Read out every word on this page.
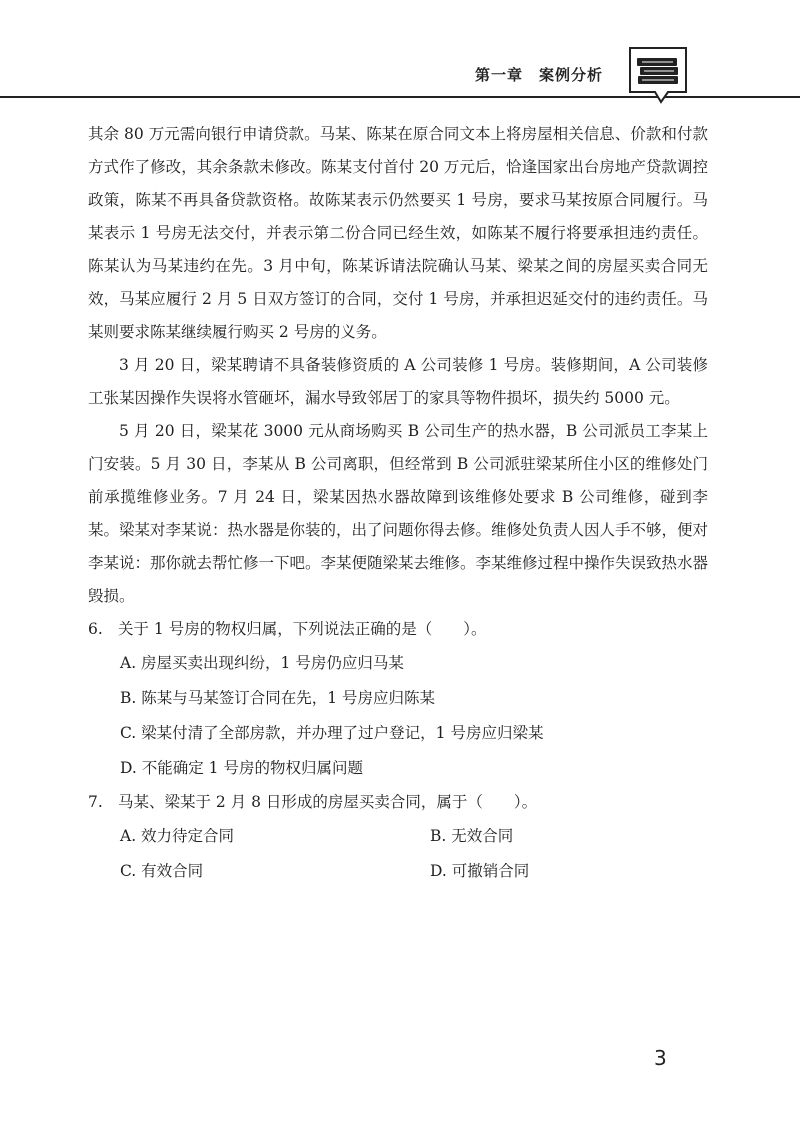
第一章　案例分析

其余 80 万元需向银行申请贷款。马某、陈某在原合同文本上将房屋相关信息、价款和付款方式作了修改，其余条款未修改。陈某支付首付 20 万元后，恰逢国家出台房地产贷款调控政策，陈某不再具备贷款资格。故陈某表示仍然要买 1 号房，要求马某按原合同履行。马某表示 1 号房无法交付，并表示第二份合同已经生效，如陈某不履行将要承担违约责任。陈某认为马某违约在先。3 月中旬，陈某诉请法院确认马某、梁某之间的房屋买卖合同无效，马某应履行 2 月 5 日双方签订的合同，交付 1 号房，并承担迟延交付的违约责任。马某则要求陈某继续履行购买 2 号房的义务。

3 月 20 日，梁某聘请不具备装修资质的 A 公司装修 1 号房。装修期间，A 公司装修工张某因操作失误将水管砸坏，漏水导致邻居丁的家具等物件损坏，损失约 5000 元。

5 月 20 日，梁某花 3000 元从商场购买 B 公司生产的热水器，B 公司派员工李某上门安装。5 月 30 日，李某从 B 公司离职，但经常到 B 公司派驻梁某所住小区的维修处门前承揽维修业务。7 月 24 日，梁某因热水器故障到该维修处要求 B 公司维修，碰到李某。梁某对李某说：热水器是你装的，出了问题你得去修。维修处负责人因人手不够，便对李某说：那你就去帮忙修一下吧。李某便随梁某去维修。李某维修过程中操作失误致热水器毁损。

6. 关于 1 号房的物权归属，下列说法正确的是（　　）。

A. 房屋买卖出现纠纷，1 号房仍应归马某
B. 陈某与马某签订合同在先，1 号房应归陈某
C. 梁某付清了全部房款，并办理了过户登记，1 号房应归梁某
D. 不能确定 1 号房的物权归属问题

7. 马某、梁某于 2 月 8 日形成的房屋买卖合同，属于（　　）。

A. 效力待定合同	B. 无效合同
C. 有效合同	D. 可撤销合同
3
